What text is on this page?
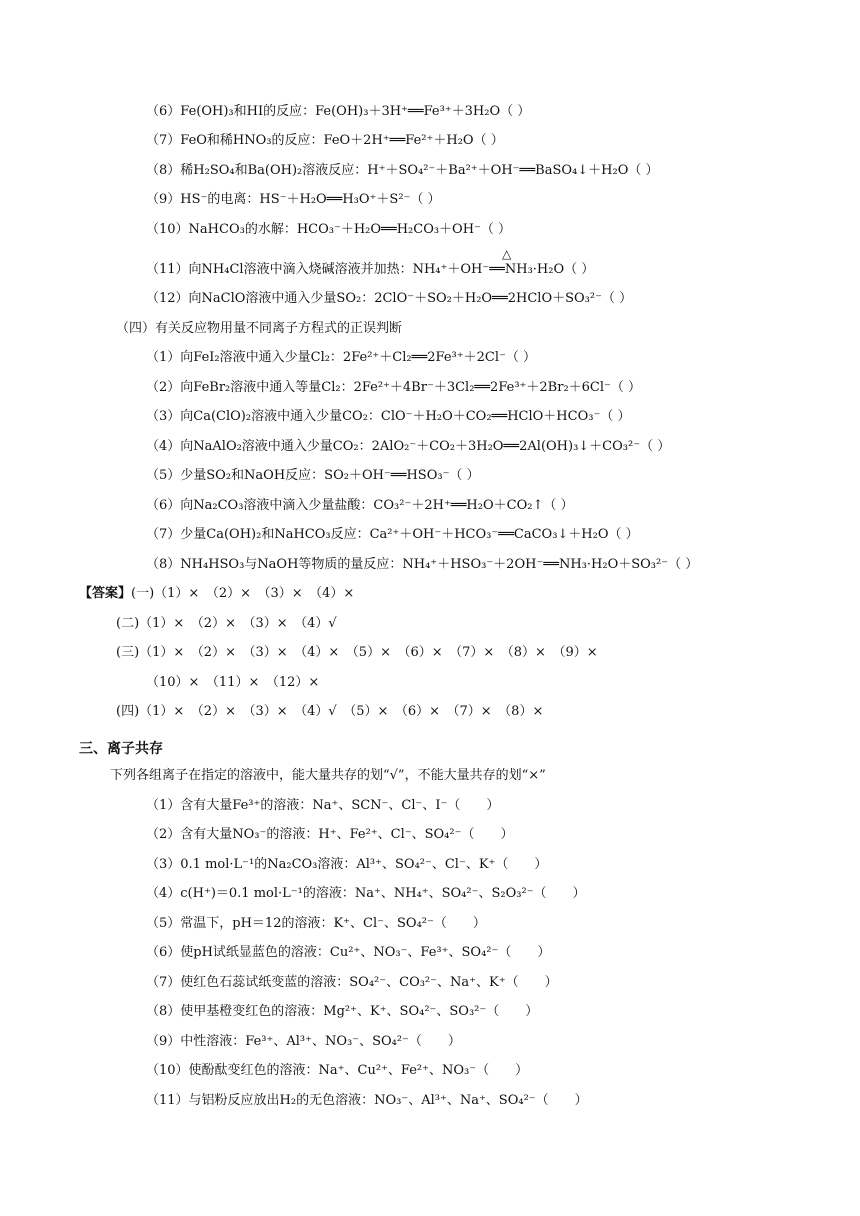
（6）Fe(OH)₃和HI的反应：Fe(OH)₃＋3H⁺══Fe³⁺＋3H₂O（ ）
（7）FeO和稀HNO₃的反应：FeO＋2H⁺══Fe²⁺＋H₂O（ ）
（8）稀H₂SO₄和Ba(OH)₂溶液反应：H⁺＋SO₄²⁻＋Ba²⁺＋OH⁻══BaSO₄↓＋H₂O（ ）
（9）HS⁻的电离：HS⁻＋H₂O══H₃O⁺＋S²⁻（ ）
（10）NaHCO₃的水解：HCO₃⁻＋H₂O══H₂CO₃＋OH⁻（ ）
（11）向NH₄Cl溶液中滴入烧碱溶液并加热：NH₄⁺＋OH⁻══NH₃·H₂O（ ）
△
（12）向NaClO溶液中通入少量SO₂：2ClO⁻＋SO₂＋H₂O══2HClO＋SO₃²⁻（ ）
（四）有关反应物用量不同离子方程式的正误判断
（1）向FeI₂溶液中通入少量Cl₂：2Fe²⁺＋Cl₂══2Fe³⁺＋2Cl⁻（ ）
（2）向FeBr₂溶液中通入等量Cl₂：2Fe²⁺＋4Br⁻＋3Cl₂══2Fe³⁺＋2Br₂＋6Cl⁻（ ）
（3）向Ca(ClO)₂溶液中通入少量CO₂：ClO⁻＋H₂O＋CO₂══HClO＋HCO₃⁻（ ）
（4）向NaAlO₂溶液中通入少量CO₂：2AlO₂⁻＋CO₂＋3H₂O══2Al(OH)₃↓＋CO₃²⁻（ ）
（5）少量SO₂和NaOH反应：SO₂＋OH⁻══HSO₃⁻（ ）
（6）向Na₂CO₃溶液中滴入少量盐酸：CO₃²⁻＋2H⁺══H₂O＋CO₂↑（ ）
（7）少量Ca(OH)₂和NaHCO₃反应：Ca²⁺＋OH⁻＋HCO₃⁻══CaCO₃↓＋H₂O（ ）
（8）NH₄HSO₃与NaOH等物质的量反应：NH₄⁺＋HSO₃⁻＋2OH⁻══NH₃·H₂O＋SO₃²⁻（ ）
【答案】(一)（1）×　（2）×　（3）×　（4）×
(二)（1）×　（2）×　（3）×　（4）√
(三)（1）×　（2）×　（3）×　（4）×　（5）×　（6）×　（7）×　（8）×　（9）×
（10）×　（11）×　（12）×
(四)（1）×　（2）×　（3）×　（4）√　（5）×　（6）×　（7）×　（8）×
三、离子共存
下列各组离子在指定的溶液中，能大量共存的划“√”，不能大量共存的划“×”
（1）含有大量Fe³⁺的溶液：Na⁺、SCN⁻、Cl⁻、I⁻（　　）
（2）含有大量NO₃⁻的溶液：H⁺、Fe²⁺、Cl⁻、SO₄²⁻（　　）
（3）0.1 mol·L⁻¹的Na₂CO₃溶液：Al³⁺、SO₄²⁻、Cl⁻、K⁺（　　）
（4）c(H⁺)＝0.1 mol·L⁻¹的溶液：Na⁺、NH₄⁺、SO₄²⁻、S₂O₃²⁻（　　）
（5）常温下，pH＝12的溶液：K⁺、Cl⁻、SO₄²⁻（　　）
（6）使pH试纸显蓝色的溶液：Cu²⁺、NO₃⁻、Fe³⁺、SO₄²⁻（　　）
（7）使红色石蕊试纸变蓝的溶液：SO₄²⁻、CO₃²⁻、Na⁺、K⁺（　　）
（8）使甲基橙变红色的溶液：Mg²⁺、K⁺、SO₄²⁻、SO₃²⁻（　　）
（9）中性溶液：Fe³⁺、Al³⁺、NO₃⁻、SO₄²⁻（　　）
（10）使酚酞变红色的溶液：Na⁺、Cu²⁺、Fe²⁺、NO₃⁻（　　）
（11）与铝粉反应放出H₂的无色溶液：NO₃⁻、Al³⁺、Na⁺、SO₄²⁻（　　）
